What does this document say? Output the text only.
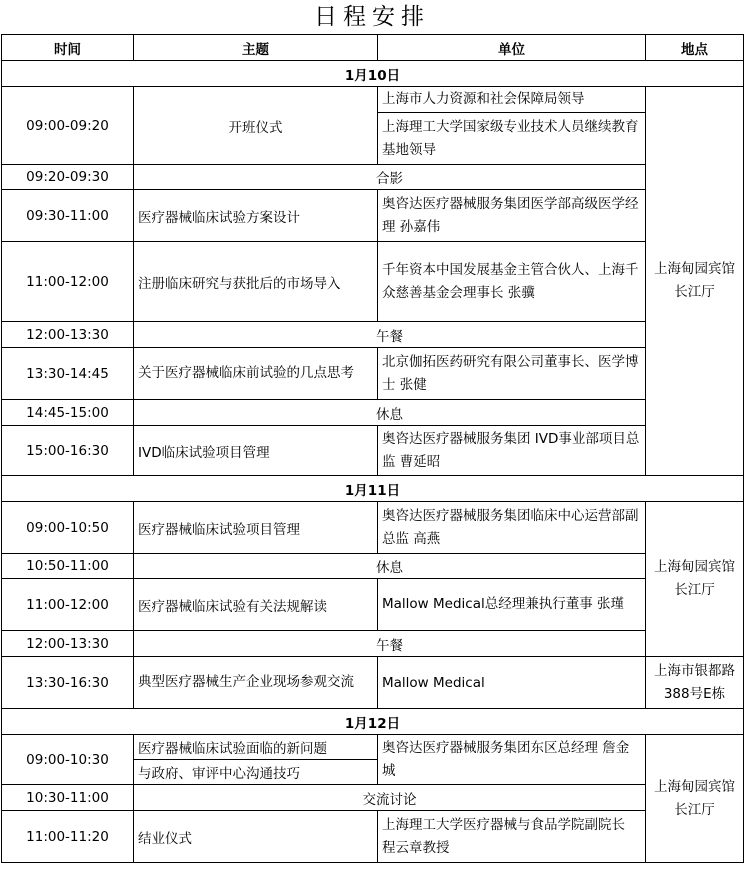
日程安排
时间	主题	单位	地点
1月10日			
09:00-09:20	开班仪式	上海市人力资源和社会保障局领导	上海甸园宾馆长江厅
		上海理工大学国家级专业技术人员继续教育基地领导	
09:20-09:30	合影		
09:30-11:00	医疗器械临床试验方案设计	奥咨达医疗器械服务集团医学部高级医学经理 孙嘉伟	
11:00-12:00	注册临床研究与获批后的市场导入	千年资本中国发展基金主管合伙人、上海千众慈善基金会理事长 张骥	
12:00-13:30	午餐		
13:30-14:45	关于医疗器械临床前试验的几点思考	北京伽拓医药研究有限公司董事长、医学博士 张健	
14:45-15:00	休息		
15:00-16:30	IVD临床试验项目管理	奥咨达医疗器械服务集团 IVD事业部项目总监 曹延昭	
1月11日			
09:00-10:50	医疗器械临床试验项目管理	奥咨达医疗器械服务集团临床中心运营部副总监 高燕	上海甸园宾馆长江厅
10:50-11:00	休息		
11:00-12:00	医疗器械临床试验有关法规解读	Mallow Medical总经理兼执行董事 张瑾	
12:00-13:30	午餐		
13:30-16:30	典型医疗器械生产企业现场参观交流	Mallow Medical	上海市银都路388号E栋
1月12日			
09:00-10:30	医疗器械临床试验面临的新问题	奥咨达医疗器械服务集团东区总经理 詹金城	上海甸园宾馆长江厅
	与政府、审评中心沟通技巧		
10:30-11:00	交流讨论		
11:00-11:20	结业仪式	上海理工大学医疗器械与食品学院副院长 程云章教授	
